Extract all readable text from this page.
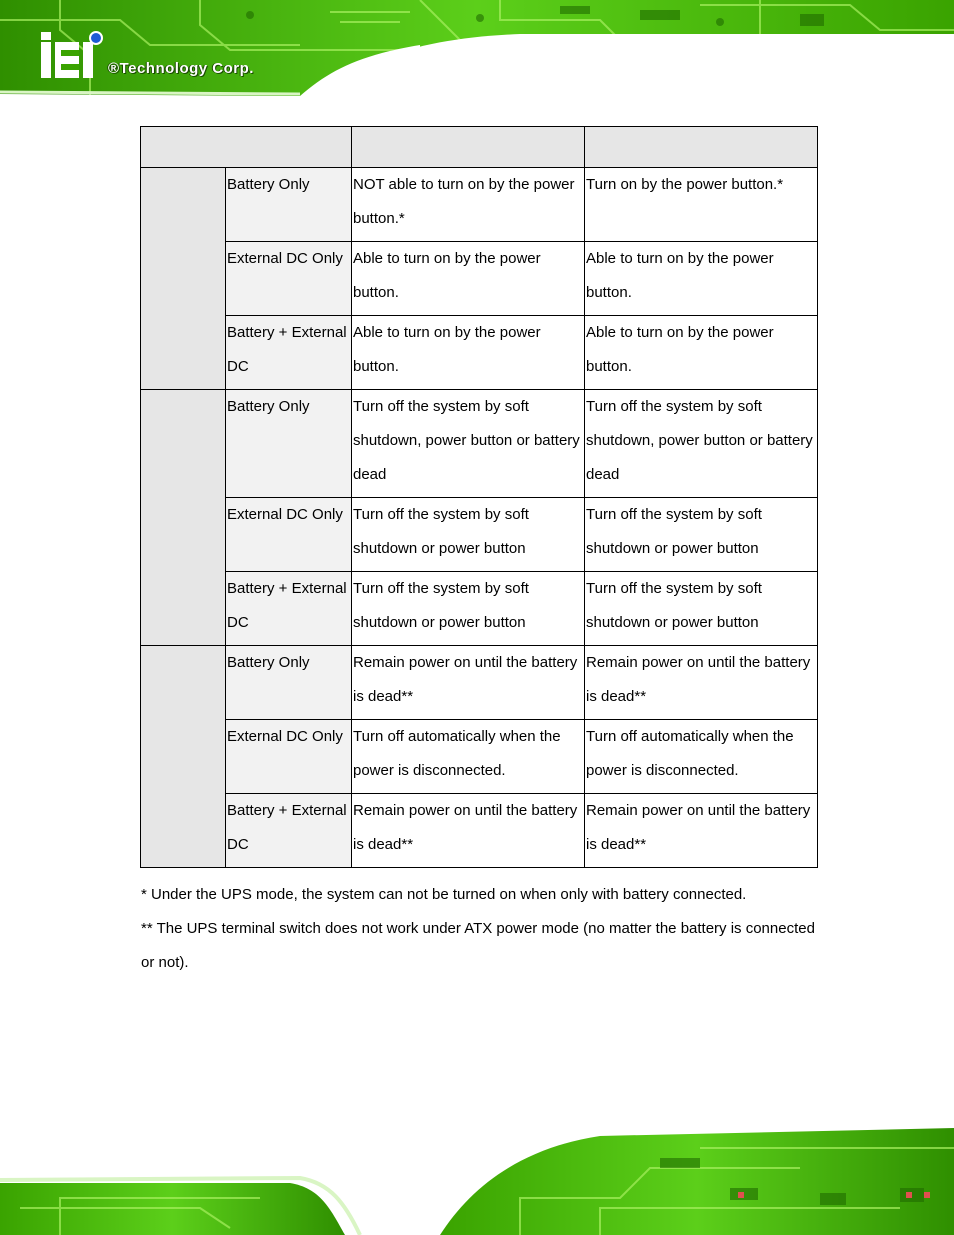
®Technology Corp.

	Battery Only	NOT able to turn on by the power button.*	Turn on by the power button.*
	External DC Only	Able to turn on by the power button.	Able to turn on by the power button.
	Battery + External DC	Able to turn on by the power button.	Able to turn on by the power button.
	Battery Only	Turn off the system by soft shutdown, power button or battery dead	Turn off the system by soft shutdown, power button or battery dead
	External DC Only	Turn off the system by soft shutdown or power button	Turn off the system by soft shutdown or power button
	Battery + External DC	Turn off the system by soft shutdown or power button	Turn off the system by soft shutdown or power button
	Battery Only	Remain power on until the battery is dead**	Remain power on until the battery is dead**
	External DC Only	Turn off automatically when the power is disconnected.	Turn off automatically when the power is disconnected.
	Battery + External DC	Remain power on until the battery is dead**	Remain power on until the battery is dead**

* Under the UPS mode, the system can not be turned on when only with battery connected.

** The UPS terminal switch does not work under ATX power mode (no matter the battery is connected or not).
